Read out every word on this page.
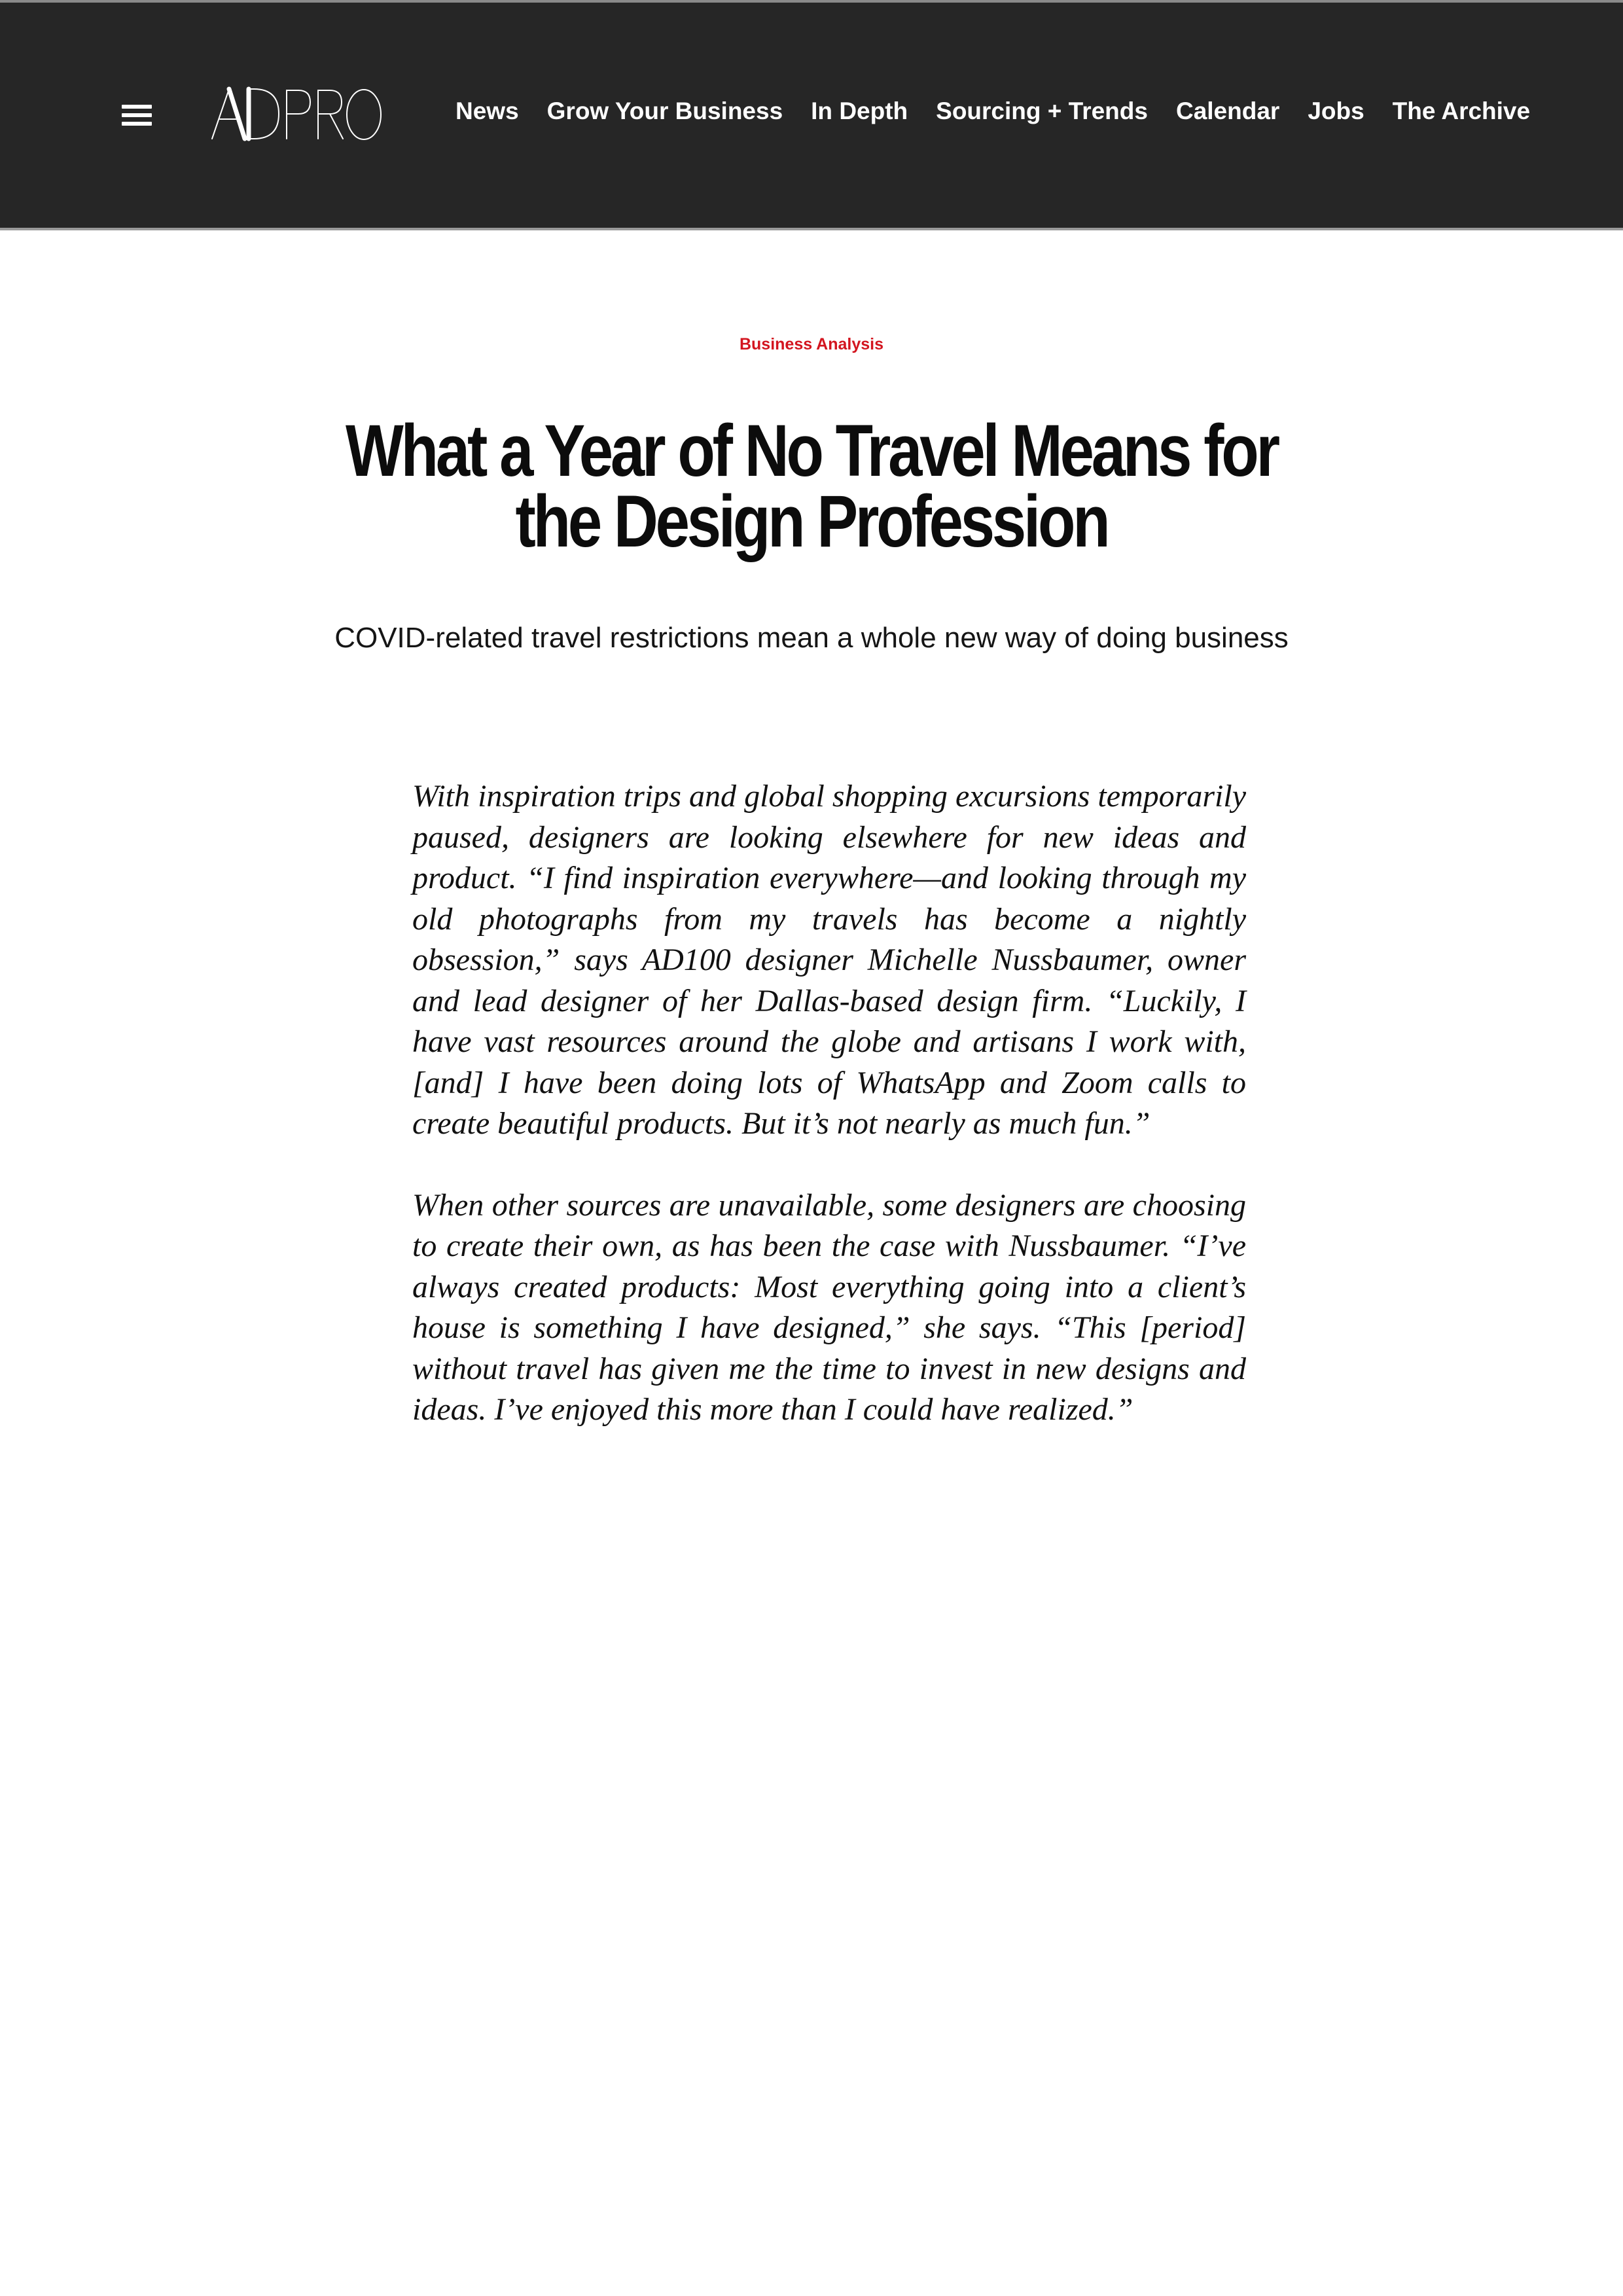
News Grow Your Business In Depth Sourcing + Trends Calendar Jobs The Archive
Business Analysis
What a Year of No Travel Means for the Design Profession
COVID-related travel restrictions mean a whole new way of doing business

With inspiration trips and global shopping excursions temporarily paused, designers are looking elsewhere for new ideas and product. “I find inspiration everywhere—and looking through my old photographs from my travels has become a nightly obsession,” says AD100 designer Michelle Nussbaumer, owner and lead designer of her Dallas-based design firm. “Luckily, I have vast resources around the globe and artisans I work with, [and] I have been doing lots of WhatsApp and Zoom calls to create beautiful products. But it’s not nearly as much fun.”

When other sources are unavailable, some designers are choosing to create their own, as has been the case with Nussbaumer. “I’ve always created products: Most everything going into a client’s house is something I have designed,” she says. “This [period] without travel has given me the time to invest in new designs and ideas. I’ve enjoyed this more than I could have realized.”
